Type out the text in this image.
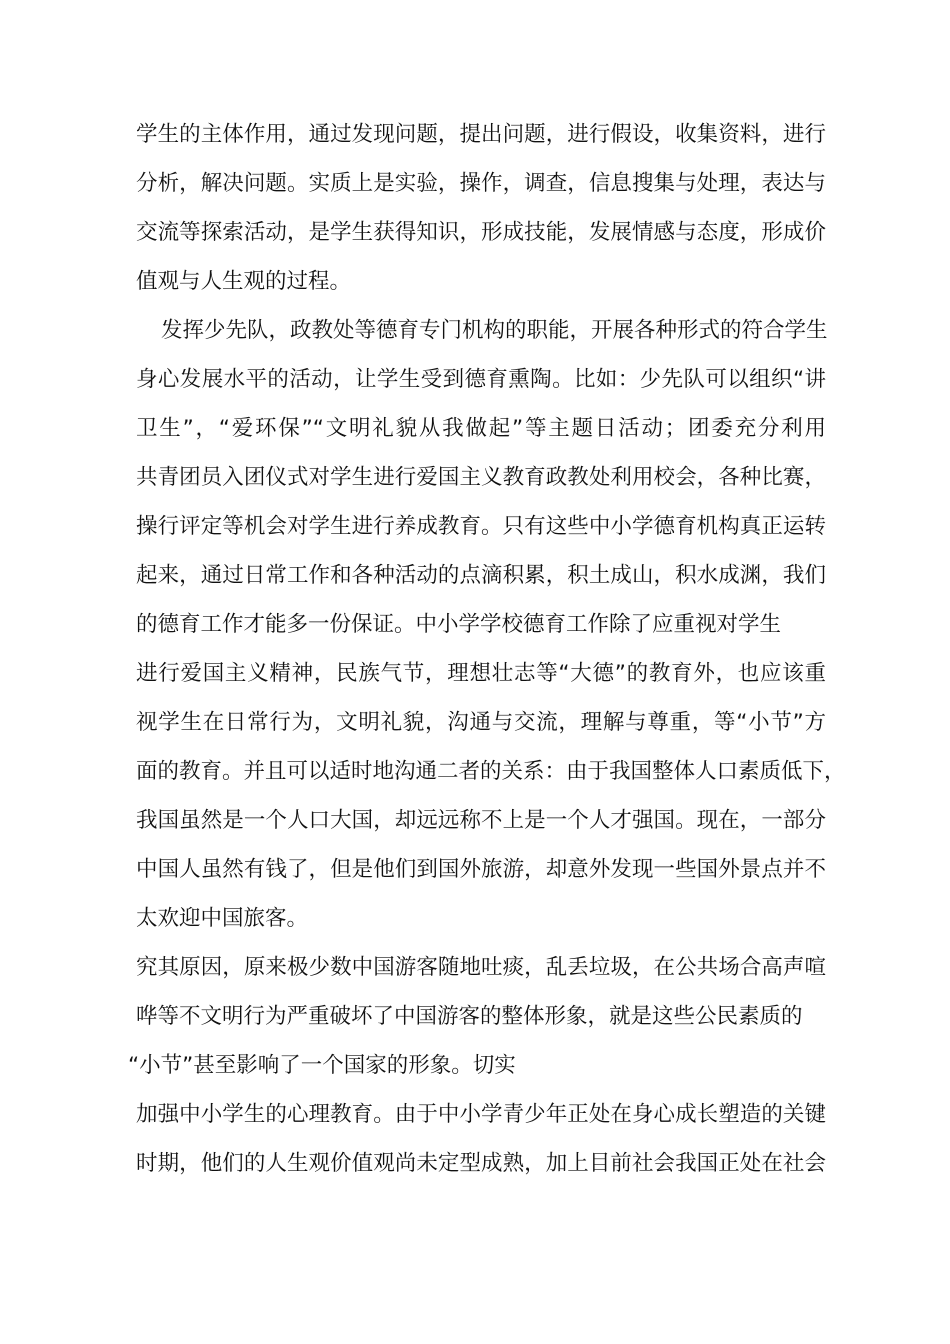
学生的主体作用，通过发现问题，提出问题，进行假设，收集资料，进行
分析，解决问题。实质上是实验，操作，调查，信息搜集与处理，表达与
交流等探索活动，是学生获得知识，形成技能，发展情感与态度，形成价
值观与人生观的过程。
发挥少先队，政教处等德育专门机构的职能，开展各种形式的符合学生
身心发展水平的活动，让学生受到德育熏陶。比如：少先队可以组织“讲
卫生”，“爱环保”“文明礼貌从我做起”等主题日活动；团委充分利用
共青团员入团仪式对学生进行爱国主义教育政教处利用校会，各种比赛，
操行评定等机会对学生进行养成教育。只有这些中小学德育机构真正运转
起来，通过日常工作和各种活动的点滴积累，积土成山，积水成渊，我们
的德育工作才能多一份保证。中小学学校德育工作除了应重视对学生
进行爱国主义精神，民族气节，理想壮志等“大德”的教育外，也应该重
视学生在日常行为，文明礼貌，沟通与交流，理解与尊重，等“小节”方
面的教育。并且可以适时地沟通二者的关系：由于我国整体人口素质低下，
我国虽然是一个人口大国，却远远称不上是一个人才强国。现在，一部分
中国人虽然有钱了，但是他们到国外旅游，却意外发现一些国外景点并不
太欢迎中国旅客。
究其原因，原来极少数中国游客随地吐痰，乱丢垃圾，在公共场合高声喧
哗等不文明行为严重破坏了中国游客的整体形象，就是这些公民素质的
“小节”甚至影响了一个国家的形象。切实
加强中小学生的心理教育。由于中小学青少年正处在身心成长塑造的关键
时期，他们的人生观价值观尚未定型成熟，加上目前社会我国正处在社会
